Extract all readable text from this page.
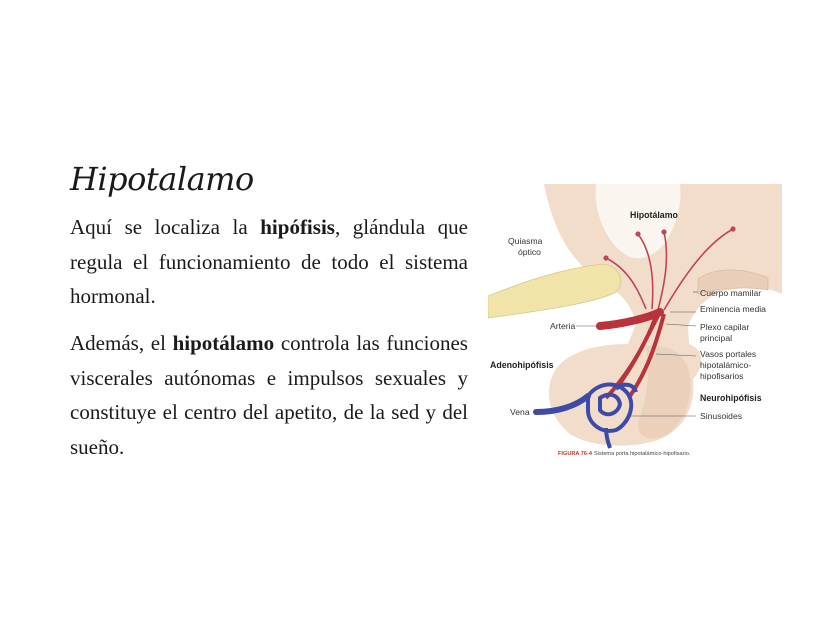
Hipotalamo

Aquí se localiza la hipófisis, glándula que regula el funcionamiento de todo el sistema hormonal.

Además, el hipotálamo controla las funciones viscerales autónomas e impulsos sexuales y constituye el centro del apetito, de la sed y del sueño.

Hipotálamo
Quiasma
óptico
Cuerpo mamilar
Eminencia media
Arteria	Plexo capilar
principal
Vasos portales
hipotalámico-
hipofisarios
Adenohipófisis
Neurohipófisis
Vena	Sinusoides
FIGURA 76-4 Sistema porta hipotalámico-hipofisario.
